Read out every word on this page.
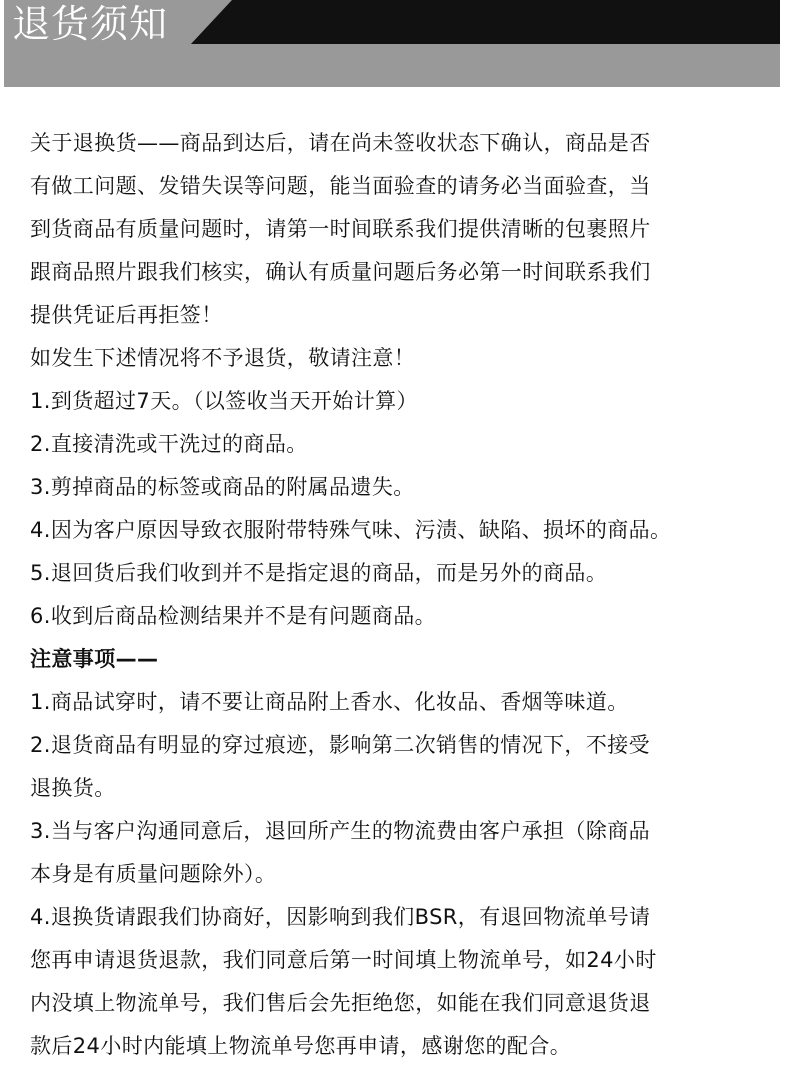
退货须知

关于退换货——商品到达后，请在尚未签收状态下确认，商品是否

有做工问题、发错失误等问题，能当面验查的请务必当面验查，当

到货商品有质量问题时，请第一时间联系我们提供清晰的包裹照片

跟商品照片跟我们核实，确认有质量问题后务必第一时间联系我们

提供凭证后再拒签！

如发生下述情况将不予退货，敬请注意！

1.到货超过7天。（以签收当天开始计算）

2.直接清洗或干洗过的商品。

3.剪掉商品的标签或商品的附属品遗失。

4.因为客户原因导致衣服附带特殊气味、污渍、缺陷、损坏的商品。

5.退回货后我们收到并不是指定退的商品，而是另外的商品。

6.收到后商品检测结果并不是有问题商品。

注意事项——

1.商品试穿时，请不要让商品附上香水、化妆品、香烟等味道。

2.退货商品有明显的穿过痕迹，影响第二次销售的情况下，不接受

退换货。

3.当与客户沟通同意后，退回所产生的物流费由客户承担（除商品

本身是有质量问题除外）。

4.退换货请跟我们协商好，因影响到我们BSR，有退回物流单号请

您再申请退货退款，我们同意后第一时间填上物流单号，如24小时

内没填上物流单号，我们售后会先拒绝您，如能在我们同意退货退

款后24小时内能填上物流单号您再申请，感谢您的配合。
